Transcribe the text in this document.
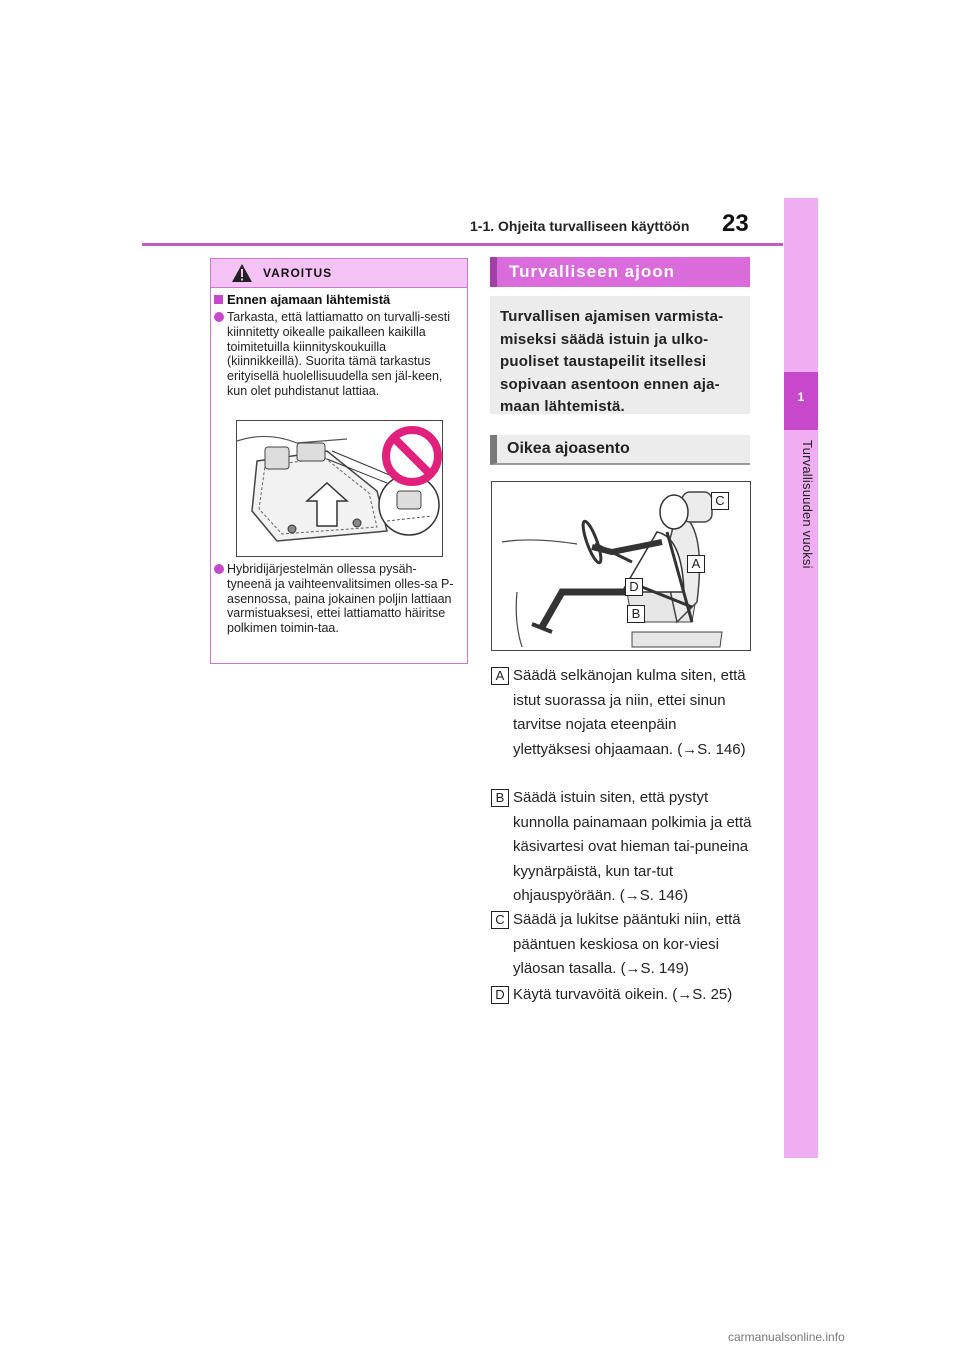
1-1. Ohjeita turvalliseen käyttöön 23
1
Turvallisuuden vuoksi
VAROITUS
Ennen ajamaan lähtemistä
Tarkasta, että lattiamatto on turvalli-sesti kiinnitetty oikealle paikalleen kaikilla toimitetuilla kiinnityskoukuilla (kiinnikkeillä). Suorita tämä tarkastus erityisellä huolellisuudella sen jäl-keen, kun olet puhdistanut lattiaa.
Hybridijärjestelmän ollessa pysäh-tyneenä ja vaihteenvalitsimen olles-sa P-asennossa, paina jokainen poljin lattiaan varmistuaksesi, ettei lattiamatto häiritse polkimen toimin-taa.
Turvalliseen ajoon
Turvallisen ajamisen varmista-miseksi säädä istuin ja ulko-puoliset taustapeilit itsellesi sopivaan asentoon ennen aja-maan lähtemistä.
Oikea ajoasento
C
A
D
B
A Säädä selkänojan kulma siten, että istut suorassa ja niin, ettei sinun tarvitse nojata eteenpäin ylettyäksesi ohjaamaan. (→S. 146)
B Säädä istuin siten, että pystyt kunnolla painamaan polkimia ja että käsivartesi ovat hieman tai-puneina kyynärpäistä, kun tar-tut ohjauspyörään. (→S. 146)
C Säädä ja lukitse pääntuki niin, että pääntuen keskiosa on kor-viesi yläosan tasalla. (→S. 149)
D Käytä turvavöitä oikein. (→S. 25)
carmanualsonline.info
